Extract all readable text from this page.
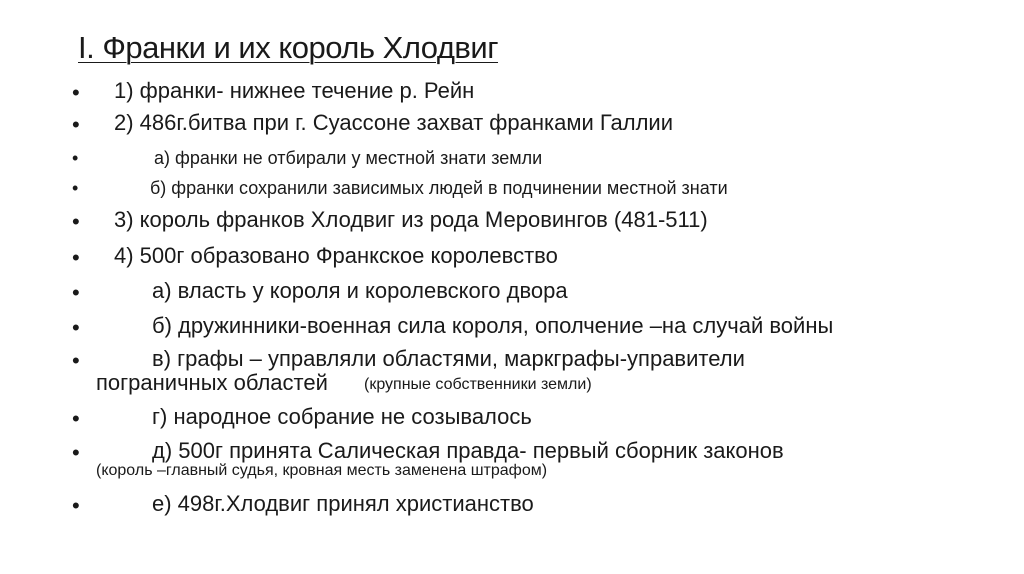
І. Франки и их король Хлодвиг
•	1) франки- нижнее течение р. Рейн
•	2) 486г.битва при г. Суассоне захват франками Галлии
•	а) франки не отбирали у местной знати земли
•	б) франки сохранили зависимых людей в подчинении местной знати
•	3) король франков Хлодвиг из рода Меровингов (481-511)
•	4) 500г образовано Франкское королевство
•	а) власть у короля и королевского двора
•	б) дружинники-военная сила короля, ополчение –на случай войны
•	в) графы – управляли областями, маркграфы-управители
пограничных областей (крупные собственники земли)
•	г) народное собрание не созывалось
•	д) 500г принята Салическая правда- первый сборник законов
(король –главный судья, кровная месть заменена штрафом)
•	е) 498г.Хлодвиг принял христианство
